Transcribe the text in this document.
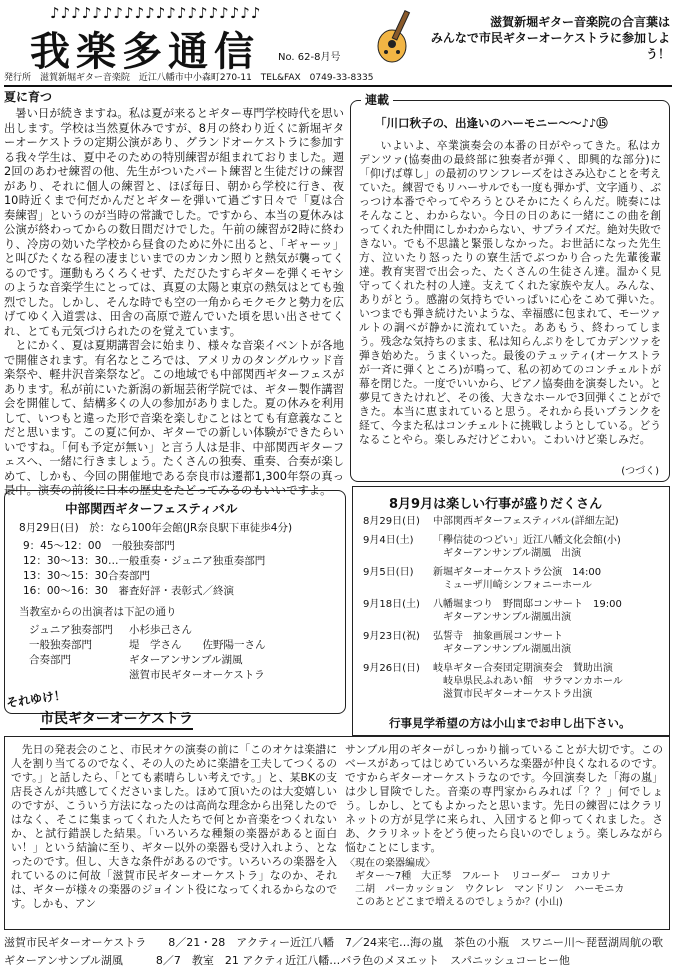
♪♪♪♪♪♪♪♪♪♪♪♪♪♪♪♪♪♪♪♪
我楽多通信 No. 62-8月号
滋賀新堀ギター音楽院の合言葉は
みんなで市民ギターオーケストラに参加しよう！
発行所　滋賀新堀ギター音楽院　近江八幡市中小森町270-11　TEL&FAX　0749-33-8335
夏に育つ
暑い日が続きますね。私は夏が来るとギター専門学校時代を思い出します。学校は当然夏休みですが、8月の終わり近くに新堀ギターオーケストラの定期公演があり、グランドオーケストラに参加する我々学生は、夏中そのための特別練習が組まれておりました。週2回のあわせ練習の他、先生がついたパート練習と生徒だけの練習があり、それに個人の練習と、ほぼ毎日、朝から学校に行き、夜10時近くまで何だかんだとギターを弾いて過ごす日々で「夏は合奏練習」というのが当時の常識でした。ですから、本当の夏休みは公演が終わってからの数日間だけでした。午前の練習が2時に終わり、冷房の効いた学校から昼食のために外に出ると、「ギャーッ」と叫びたくなる程の凄まじいまでのカンカン照りと熱気が襲ってくるのです。運動もろくろくせず、ただひたすらギターを弾くモヤシのような音楽学生にとっては、真夏の太陽と東京の熱気はとても強烈でした。しかし、そんな時でも空の一角からモクモクと勢力を広げてゆく入道雲は、田舎の高原で遊んでいた頃を思い出させてくれ、とても元気づけられたのを覚えています。
とにかく、夏は夏期講習会に始まり、様々な音楽イベントが各地で開催されます。有名なところでは、アメリカのタングルウッド音楽祭や、軽井沢音楽祭など。この地域でも中部関西ギターフェスがあります。私が前にいた新潟の新堀芸術学院では、ギター製作講習会を開催して、結構多くの人の参加がありました。夏の休みを利用して、いつもと違った形で音楽を楽しむことはとても有意義なことだと思います。この夏に何か、ギターでの新しい体験ができたらいいですね。「何も予定が無い」と言う人は是非、中部関西ギターフェスへ、一緒に行きましょう。たくさんの独奏、重奏、合奏が楽しめて、しかも、今回の開催地である奈良市は遷都1,300年祭の真っ最中。演奏の前後に日本の歴史をたどってみるのもいいですよ。
連載
「川口秋子の、出逢いのハーモニー～～♪♪⑮
いよいよ、卒業演奏会の本番の日がやってきた。私はカデンツァ(協奏曲の最終部に独奏者が弾く、即興的な部分)に「仰げば尊し」の最初のワンフレーズをはさみ込むことを考えていた。練習でもリハーサルでも一度も弾かず、文字通り、ぶっつけ本番でやってやろうとひそかにたくらんだ。暁奏にはそんなこと、わからない。今日の日のあに一緒にこの曲を創ってくれた仲間にしかわからない、サプライズだ。絶対失敗できない。でも不思議と緊張しなかった。お世話になった先生方、泣いたり怒ったりの寮生活でぶつかり合った先輩後輩達。教育実習で出会った、たくさんの生徒さん達。温かく見守ってくれた村の人達。支えてくれた家族や友人。みんな、ありがとう。感謝の気持ちでいっぱいに心をこめて弾いた。いつまでも弾き続けたいような、幸福感に包まれて、モーツァルトの調べが静かに流れていた。ああもう、終わってしまう。残念な気持ちのまま、私は知らんぷりをしてカデンツァを弾き始めた。うまくいった。最後のテュッティ(オーケストラが一斉に弾くところ)が鳴って、私の初めてのコンチェルトが幕を閉じた。一度でいいから、ピアノ協奏曲を演奏したい。と夢見てきたけれど、その後、大きなホールで3回弾くことができた。本当に恵まれていると思う。それから長いブランクを経て、今また私はコンチェルトに挑戦しようとしている。どうなることやら。楽しみだけどこわい。こわいけど楽しみだ。
(つづく)
中部関西ギターフェスティバル
8月29日(日)　於：なら100年会館(JR奈良駅下車徒歩4分)
9：45～12：00　一般独奏部門
12：30～13：30…一般重奏・ジュニア独重奏部門
13：30～15：30合奏部門
16：00～16：30　審査好評・表彰式／終演
当教室からの出演者は下記の通り
ジュニア独奏部門 小杉歩己さん
一般独奏部門	堤　学さん　　佐野陽一さん
合奏部門	ギターアンサンブル湖風
滋賀市民ギターオーケストラ
8月9月は楽しい行事が盛りだくさん
8月29日(日) 中部関西ギターフェスティバル(詳細左記)
9月4日(土) 「欅信徒のつどい」近江八幡文化会館(小)
ギターアンサンブル湖風　出演
9月5日(日) 新堀ギターオーケストラ公演　14:00
ミューザ川崎シンフォニーホール
9月18日(土) 八幡堀まつり　野間邸コンサート　19:00
ギターアンサンブル湖風出演
9月23日(祝) 弘誓寺　抽象画展コンサート
ギターアンサンブル湖風出演
9月26日(日) 岐阜ギター合奏団定期演奏会　賛助出演
岐阜県民ふれあい館　サラマンカホール
滋賀市民ギターオーケストラ出演
行事見学希望の方は小山までお申し出下さい。
それゆけ！
市民ギターオーケストラ
先日の発表会のこと、市民オケの演奏の前に「このオケは楽譜に人を割り当てるのでなく、その人のために楽譜を工夫してつくるのです。」と話したら、「とても素晴らしい考えです。」と、某BKの支店長さんが共感してくださいました。ほめて頂いたのは大変嬉しいのですが、こういう方法になったのは高尚な理念から出発したのではなく、そこに集まってくれた人たちで何とか音楽をつくれないか、と試行錯誤した結果。「いろいろな種類の楽器があると面白い！」という結論に至り、ギター以外の楽器も受け入れよう、となったのです。但し、大きな条件があるのです。いろいろの楽器を入れているのに何故「滋賀市民ギターオーケストラ」なのか、それは、ギターが様々の楽器のジョイント役になってくれるからなのです。しかも、アン
サンブル用のギターがしっかり揃っていることが大切です。このベースがあってはじめていろいろな楽器が仲良くなれるのです。ですからギターオーケストラなのです。今回演奏した「海の嵐」は少し冒険でした。音楽の専門家からみれば「？？」何でしょう。しかし、とてもよかったと思います。先日の練習にはクラリネットの方が見学に来られ、入団すると仰ってくれました。さあ、クラリネットをどう使ったら良いのでしょう。楽しみながら悩むことにします。
〈現在の楽器編成〉
ギター～7種　大正琴　フルート　リコーダー　コカリナ
二胡　パーカッション　ウクレレ　マンドリン　ハーモニカ
このあとどこまで増えるのでしょうか？(小山)
滋賀市民ギターオーケストラ　　8／21・28　アクティー近江八幡　7／24来宅…海の嵐　茶色の小瓶　スワニー川～琵琶湖周航の歌
ギターアンサンブル湖風　　　8／7　教室　21 アクティ近江八幡…バラ色のメヌエット　スパニッシュコーヒー他
